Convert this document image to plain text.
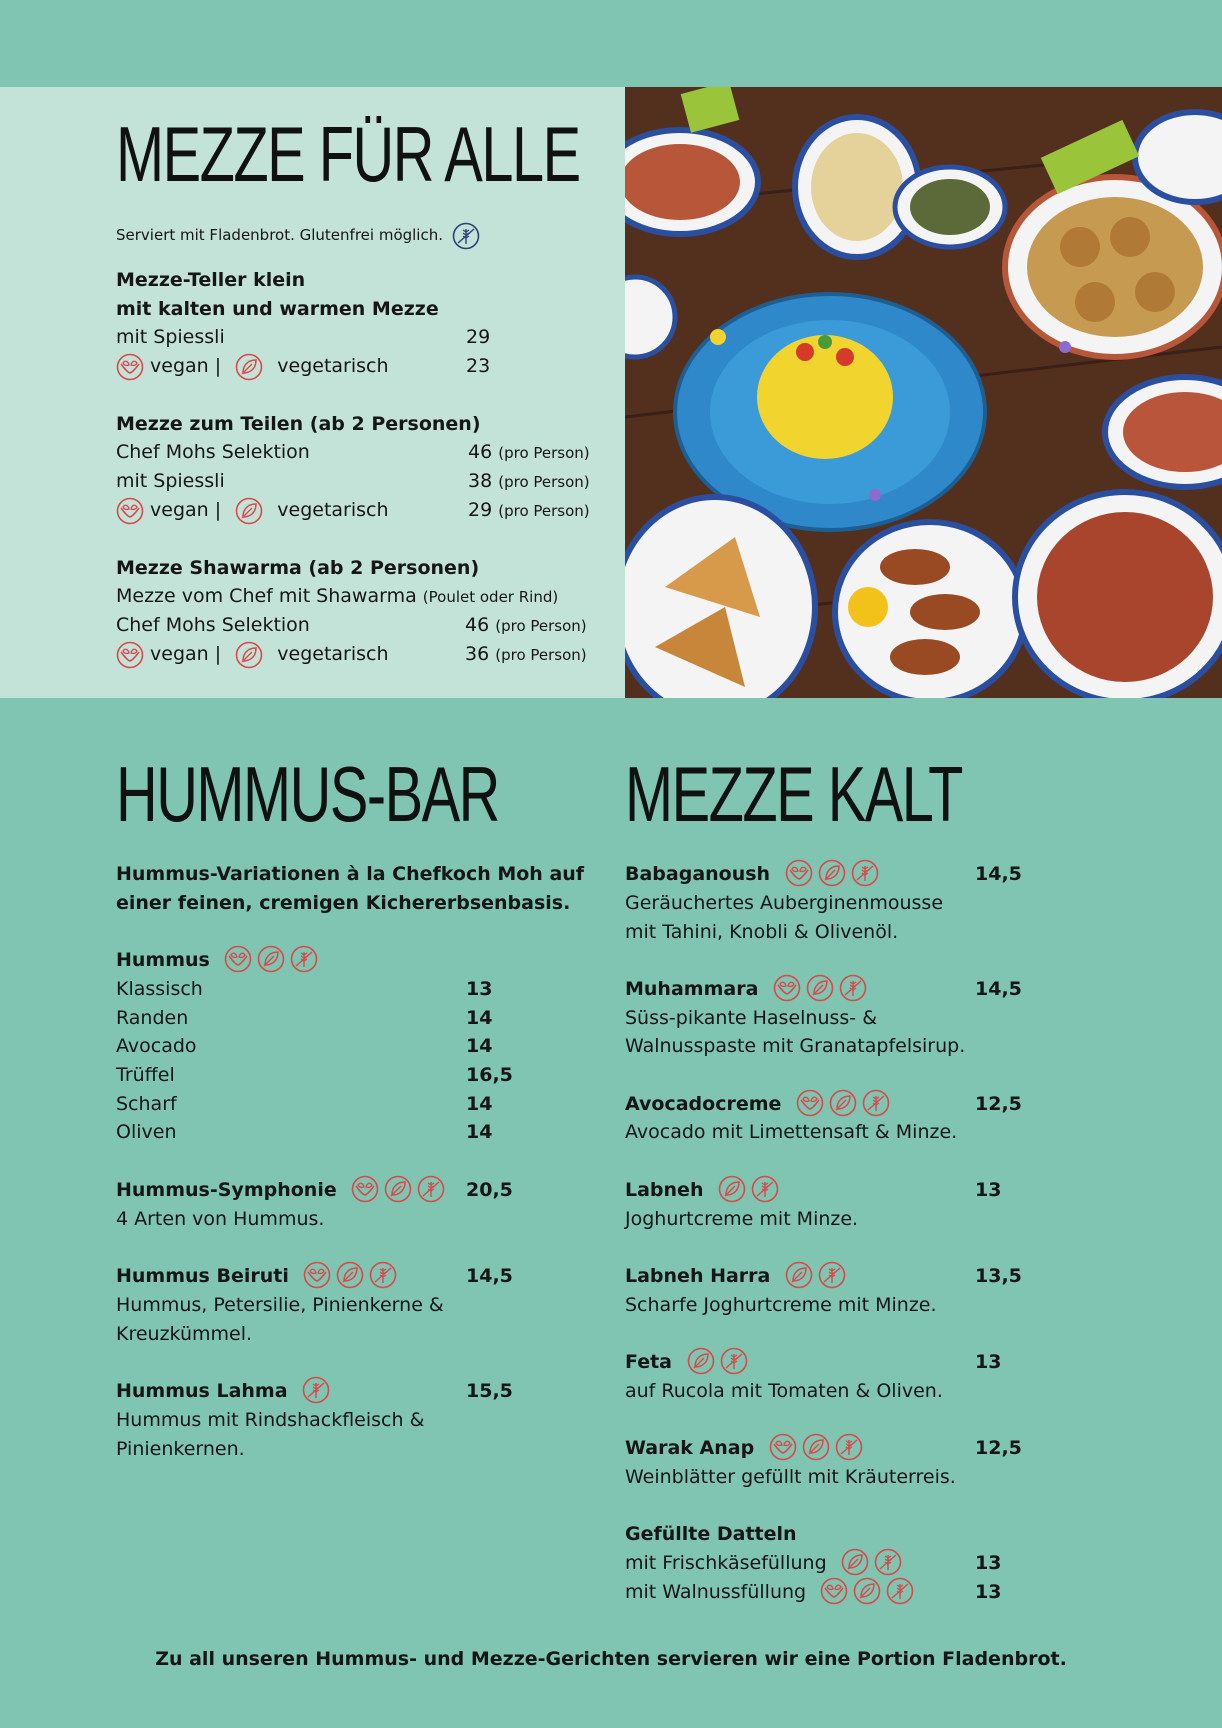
MEZZE FÜR ALLE
Serviert mit Fladenbrot. Glutenfrei möglich.
Mezze-Teller klein
mit kalten und warmen Mezze
mit Spiessli	29
vegan |	vegetarisch	23
Mezze zum Teilen (ab 2 Personen)
Chef Mohs Selektion	46 (pro Person)
mit Spiessli	38 (pro Person)
vegan |	vegetarisch	29 (pro Person)
Mezze Shawarma (ab 2 Personen)
Mezze vom Chef mit Shawarma (Poulet oder Rind)
Chef Mohs Selektion	46 (pro Person)
vegan |	vegetarisch	36 (pro Person)
HUMMUS-BAR
Hummus-Variationen à la Chefkoch Moh auf
einer feinen, cremigen Kichererbsenbasis.
Hummus
Klassisch	13
Randen	14
Avocado	14
Trüffel	16,5
Scharf	14
Oliven	14
Hummus-Symphonie	20,5
4 Arten von Hummus.
Hummus Beiruti	14,5
Hummus, Petersilie, Pinienkerne &
Kreuzkümmel.
Hummus Lahma	15,5
Hummus mit Rindshackfleisch &
Pinienkernen.
MEZZE KALT
Babaganoush	14,5
Geräuchertes Auberginenmousse
mit Tahini, Knobli & Olivenöl.
Muhammara	14,5
Süss-pikante Haselnuss- &
Walnusspaste mit Granatapfelsirup.
Avocadocreme	12,5
Avocado mit Limettensaft & Minze.
Labneh	13
Joghurtcreme mit Minze.
Labneh Harra	13,5
Scharfe Joghurtcreme mit Minze.
Feta	13
auf Rucola mit Tomaten & Oliven.
Warak Anap	12,5
Weinblätter gefüllt mit Kräuterreis.
Gefüllte Datteln
mit Frischkäsefüllung	13
mit Walnussfüllung	13
Zu all unseren Hummus- und Mezze-Gerichten servieren wir eine Portion Fladenbrot.
